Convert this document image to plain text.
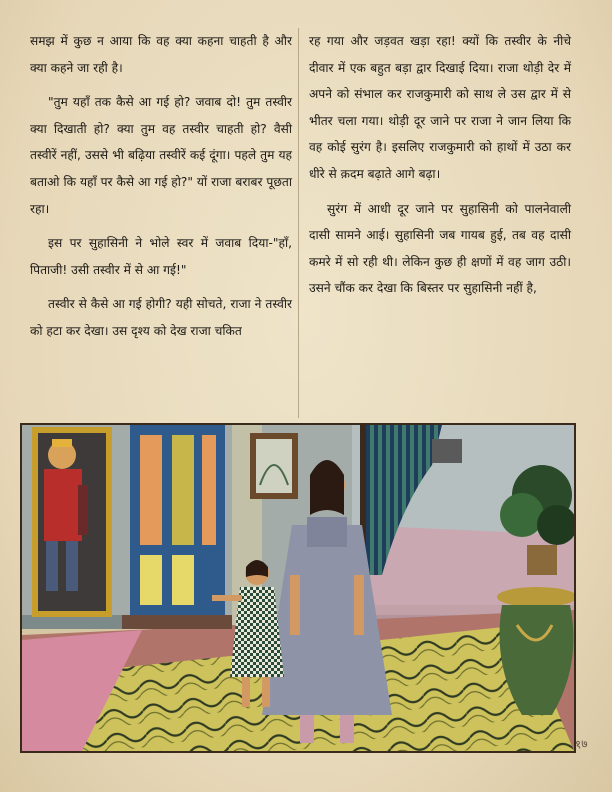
समझ में कुछ न आया कि वह क्या कहना चाहती है और क्या कहने जा रही है।

"तुम यहाँ तक कैसे आ गई हो? जवाब दो! तुम तस्वीर क्या दिखाती हो? क्या तुम वह तस्वीर चाहती हो? वैसी तस्वीरें नहीं, उससे भी बढ़िया तस्वीरें कई दूंगा। पहले तुम यह बताओ कि यहाँ पर कैसे आ गई हो?" यों राजा बराबर पूछता रहा।

इस पर सुहासिनी ने भोले स्वर में जवाब दिया-"हाँ, पिताजी! उसी तस्वीर में से आ गई!"

तस्वीर से कैसे आ गई होगी? यही सोचते, राजा ने तस्वीर को हटा कर देखा। उस दृश्य को देख राजा चकित

रह गया और जड़वत खड़ा रहा! क्यों कि तस्वीर के नीचे दीवार में एक बहुत बड़ा द्वार दिखाई दिया। राजा थोड़ी देर में अपने को संभाल कर राजकुमारी को साथ ले उस द्वार में से भीतर चला गया। थोड़ी दूर जाने पर राजा ने जान लिया कि वह कोई सुरंग है। इसलिए राजकुमारी को हाथों में उठा कर धीरे से क़दम बढ़ाते आगे बढ़ा।

सुरंग में आधी दूर जाने पर सुहासिनी को पालनेवाली दासी सामने आई। सुहासिनी जब गायब हुई, तब वह दासी कमरे में सो रही थी। लेकिन कुछ ही क्षणों में वह जाग उठी। उसने चौंक कर देखा कि बिस्तर पर सुहासिनी नहीं है,

१७
